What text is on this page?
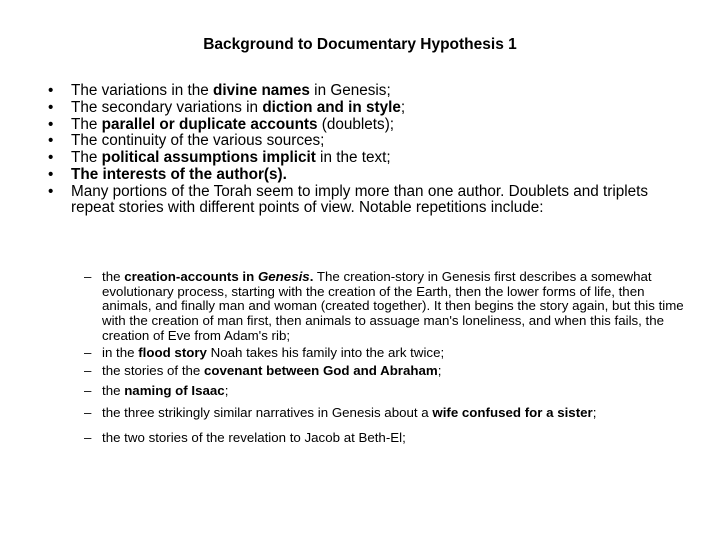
Background to Documentary Hypothesis 1
• The variations in the divine names in Genesis;
• The secondary variations in diction and in style;
• The parallel or duplicate accounts (doublets);
• The continuity of the various sources;
• The political assumptions implicit in the text;
• The interests of the author(s).
• Many portions of the Torah seem to imply more than one author. Doublets and triplets repeat stories with different points of view. Notable repetitions include:
– the creation-accounts in Genesis. The creation-story in Genesis first describes a somewhat evolutionary process, starting with the creation of the Earth, then the lower forms of life, then animals, and finally man and woman (created together). It then begins the story again, but this time with the creation of man first, then animals to assuage man's loneliness, and when this fails, the creation of Eve from Adam's rib;
– in the flood story Noah takes his family into the ark twice;
– the stories of the covenant between God and Abraham;
– the naming of Isaac;
– the three strikingly similar narratives in Genesis about a wife confused for a sister;
– the two stories of the revelation to Jacob at Beth-El;
